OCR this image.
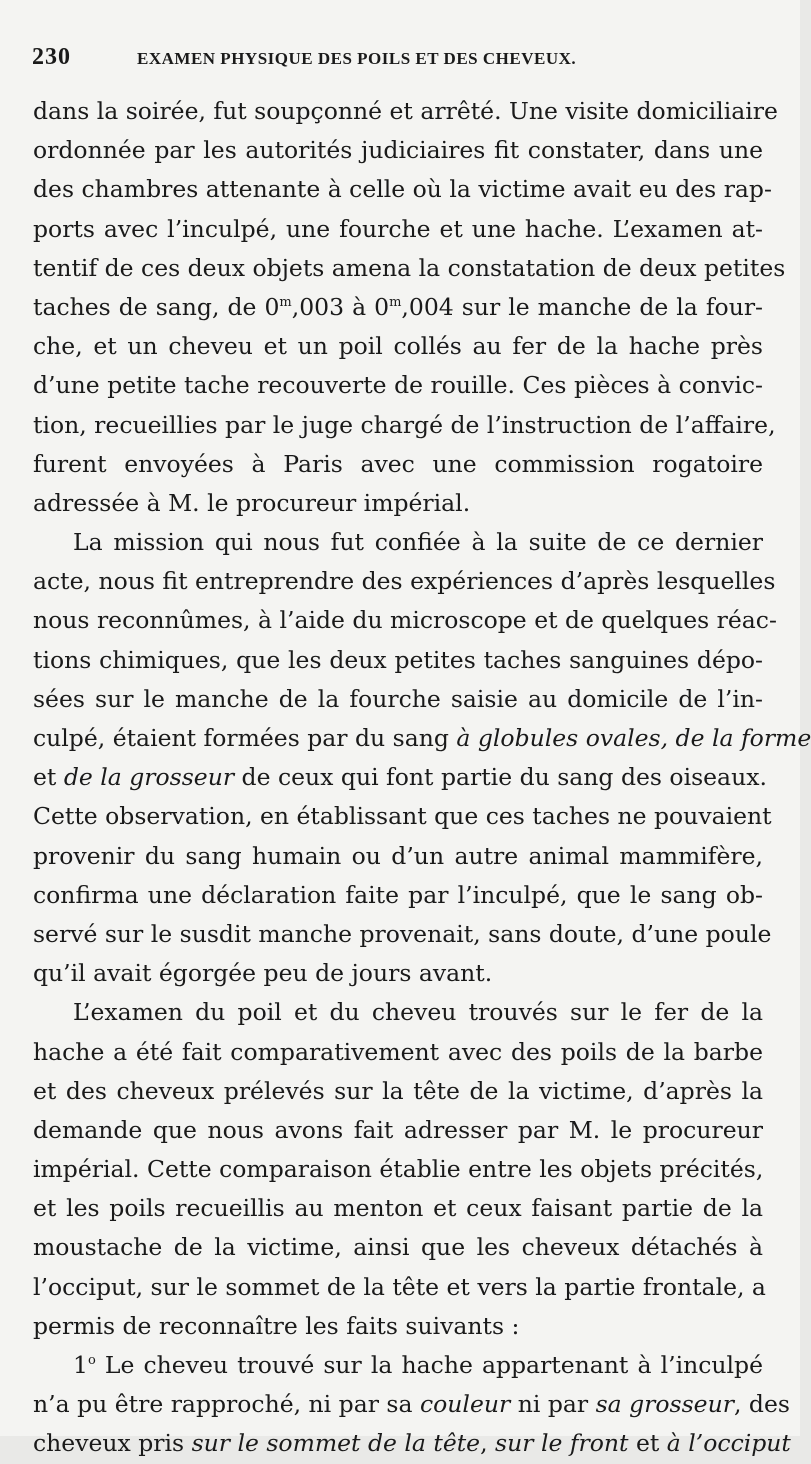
230	EXAMEN PHYSIQUE DES POILS ET DES CHEVEUX.
dans la soirée, fut soupçonné et arrêté. Une visite domiciliaire
ordonnée par les autorités judiciaires fit constater, dans une
des chambres attenante à celle où la victime avait eu des rap-
ports avec l’inculpé, une fourche et une hache. L’examen at-
tentif de ces deux objets amena la constatation de deux petites
taches de sang, de 0$^m$,003 à 0$^m$,004 sur le manche de la four-
che, et un cheveu et un poil collés au fer de la hache près
d’une petite tache recouverte de rouille. Ces pièces à convic-
tion, recueillies par le juge chargé de l’instruction de l’affaire,
furent envoyées à Paris avec une commission rogatoire
adressée à M. le procureur impérial.
La mission qui nous fut confiée à la suite de ce dernier
acte, nous fit entreprendre des expériences d’après lesquelles
nous reconnûmes, à l’aide du microscope et de quelques réac-
tions chimiques, que les deux petites taches sanguines dépo-
sées sur le manche de la fourche saisie au domicile de l’in-
culpé, étaient formées par du sang à globules ovales, de la forme
et de la grosseur de ceux qui font partie du sang des oiseaux.
Cette observation, en établissant que ces taches ne pouvaient
provenir du sang humain ou d’un autre animal mammifère,
confirma une déclaration faite par l’inculpé, que le sang ob-
servé sur le susdit manche provenait, sans doute, d’une poule
qu’il avait égorgée peu de jours avant.
L’examen du poil et du cheveu trouvés sur le fer de la
hache a été fait comparativement avec des poils de la barbe
et des cheveux prélevés sur la tête de la victime, d’après la
demande que nous avons fait adresser par M. le procureur
impérial. Cette comparaison établie entre les objets précités,
et les poils recueillis au menton et ceux faisant partie de la
moustache de la victime, ainsi que les cheveux détachés à
l’occiput, sur le sommet de la tête et vers la partie frontale, a
permis de reconnaître les faits suivants :
1$^o$ Le cheveu trouvé sur la hache appartenant à l’inculpé
n’a pu être rapproché, ni par sa couleur ni par sa grosseur, des
cheveux pris sur le sommet de la tête, sur le front et à l’occiput
